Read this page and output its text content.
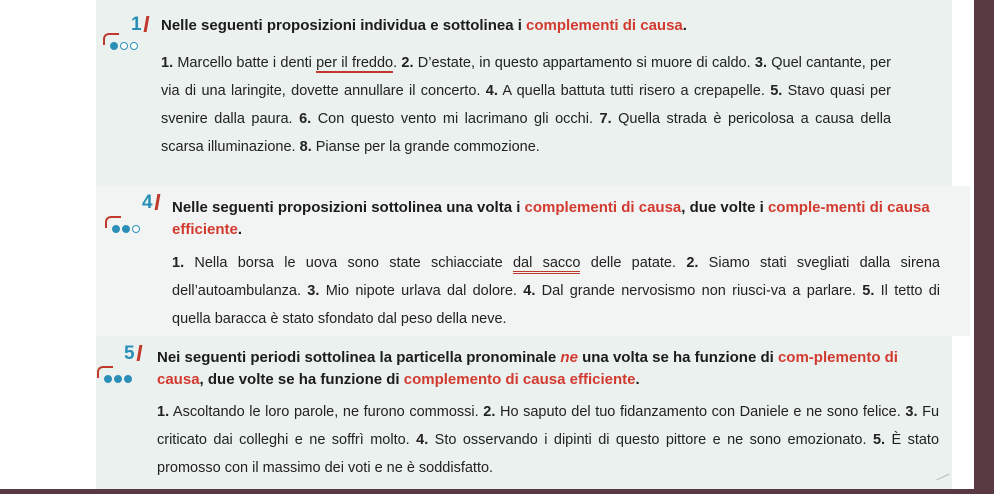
1 Nelle seguenti proposizioni individua e sottolinea i complementi di causa.
1. Marcello batte i denti per il freddo. 2. D’estate, in questo appartamento si muore di caldo. 3. Quel cantante, per via di una laringite, dovette annullare il concerto. 4. A quella battuta tutti risero a crepapelle. 5. Stavo quasi per svenire dalla paura. 6. Con questo vento mi lacrimano gli occhi. 7. Quella strada è pericolosa a causa della scarsa illuminazione. 8. Pianse per la grande commozione.
4 Nelle seguenti proposizioni sottolinea una volta i complementi di causa, due volte i comple-menti di causa efficiente.
1. Nella borsa le uova sono state schiacciate dal sacco delle patate. 2. Siamo stati svegliati dalla sirena dell’autoambulanza. 3. Mio nipote urlava dal dolore. 4. Dal grande nervosismo non riusci-va a parlare. 5. Il tetto di quella baracca è stato sfondato dal peso della neve.
5 Nei seguenti periodi sottolinea la particella pronominale ne una volta se ha funzione di com-plemento di causa, due volte se ha funzione di complemento di causa efficiente.
1. Ascoltando le loro parole, ne furono commossi. 2. Ho saputo del tuo fidanzamento con Daniele e ne sono felice. 3. Fu criticato dai colleghi e ne soffrì molto. 4. Sto osservando i dipinti di questo pittore e ne sono emozionato. 5. È stato promosso con il massimo dei voti e ne è soddisfatto.
